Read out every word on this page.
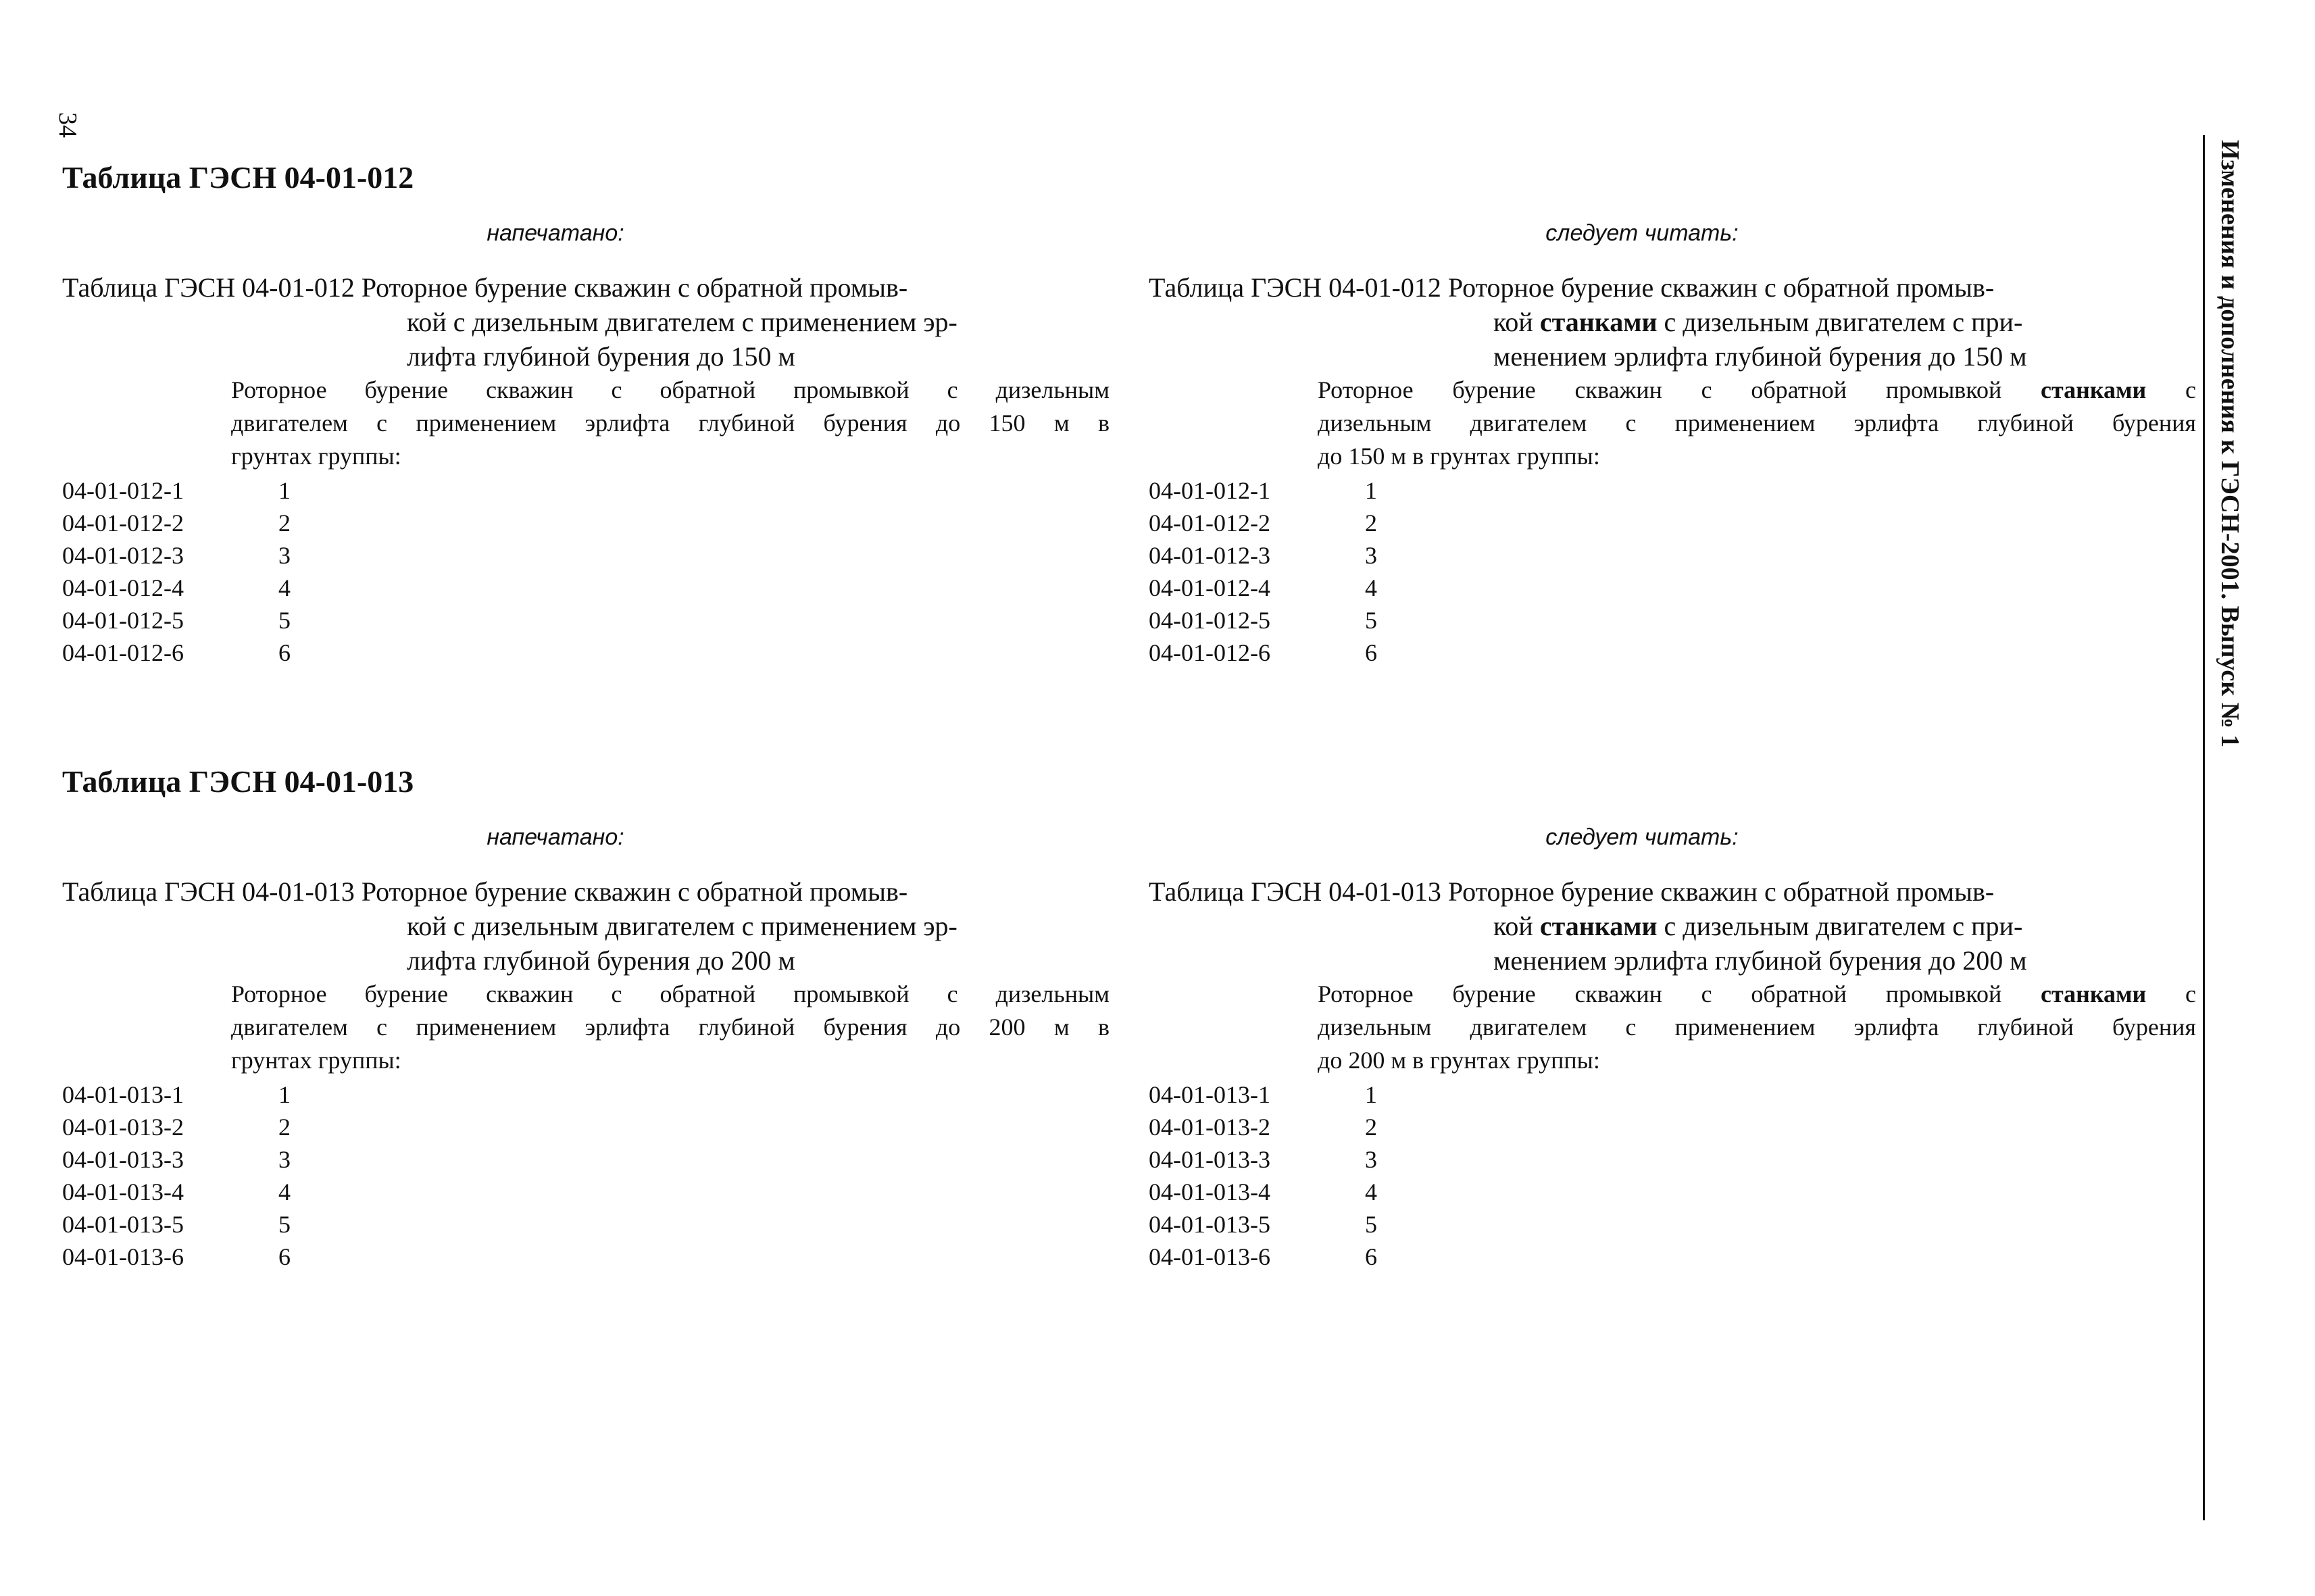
34
Изменения и дополнения к ГЭСН-2001. Выпуск № 1
Таблица ГЭСН 04-01-012
напечатано:
Таблица ГЭСН 04-01-012 Роторное бурение скважин с обратной промыв-
кой с дизельным двигателем с применением эр-
лифта глубиной бурения до 150 м
Роторное бурение скважин с обратной промывкой с дизельным
двигателем с применением эрлифта глубиной бурения до 150 м в
грунтах группы:
04-01-012-1	1
04-01-012-2	2
04-01-012-3	3
04-01-012-4	4
04-01-012-5	5
04-01-012-6	6
следует читать:
Таблица ГЭСН 04-01-012 Роторное бурение скважин с обратной промыв-
кой станками с дизельным двигателем с при-
менением эрлифта глубиной бурения до 150 м
Роторное бурение скважин с обратной промывкой станками с
дизельным двигателем с применением эрлифта глубиной бурения
до 150 м в грунтах группы:
04-01-012-1	1
04-01-012-2	2
04-01-012-3	3
04-01-012-4	4
04-01-012-5	5
04-01-012-6	6
Таблица ГЭСН 04-01-013
напечатано:
Таблица ГЭСН 04-01-013 Роторное бурение скважин с обратной промыв-
кой с дизельным двигателем с применением эр-
лифта глубиной бурения до 200 м
Роторное бурение скважин с обратной промывкой с дизельным
двигателем с применением эрлифта глубиной бурения до 200 м в
грунтах группы:
04-01-013-1	1
04-01-013-2	2
04-01-013-3	3
04-01-013-4	4
04-01-013-5	5
04-01-013-6	6
следует читать:
Таблица ГЭСН 04-01-013 Роторное бурение скважин с обратной промыв-
кой станками с дизельным двигателем с при-
менением эрлифта глубиной бурения до 200 м
Роторное бурение скважин с обратной промывкой станками с
дизельным двигателем с применением эрлифта глубиной бурения
до 200 м в грунтах группы:
04-01-013-1	1
04-01-013-2	2
04-01-013-3	3
04-01-013-4	4
04-01-013-5	5
04-01-013-6	6
